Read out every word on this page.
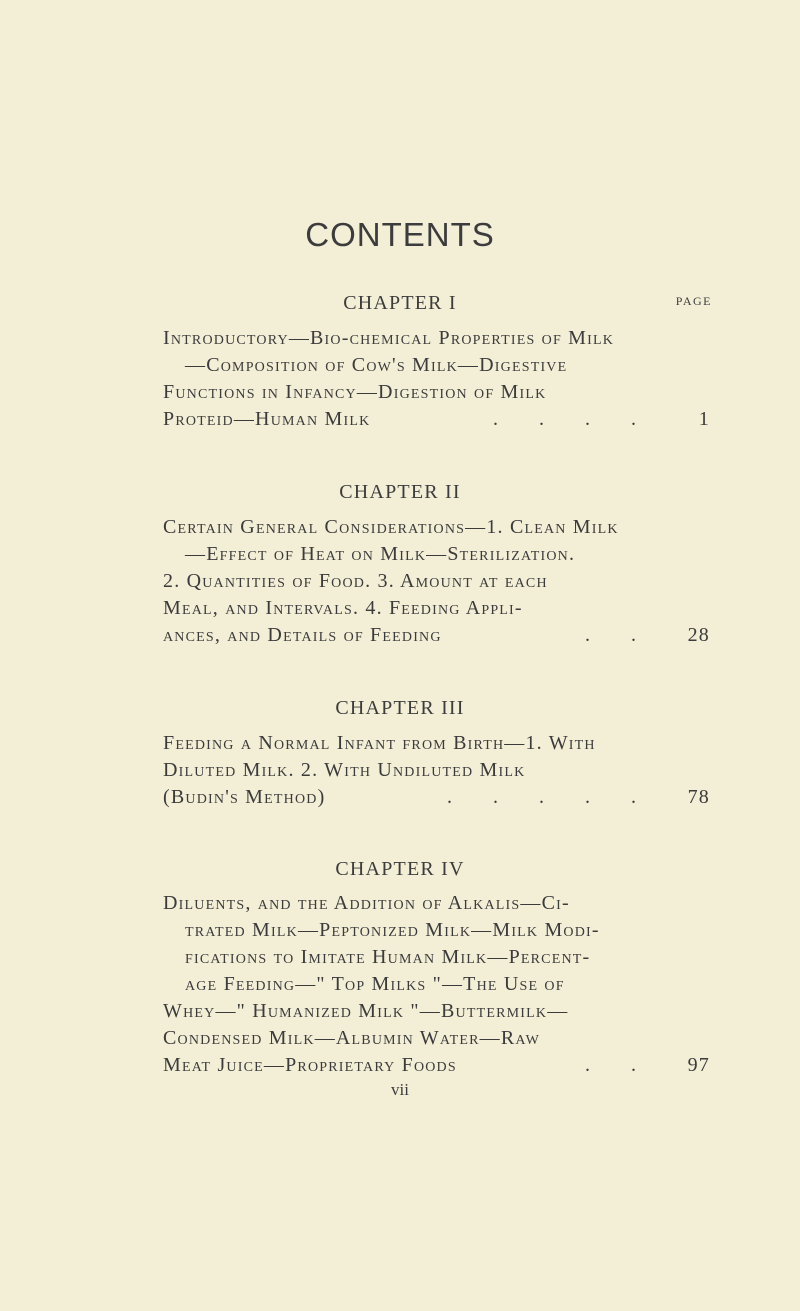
CONTENTS
PAGE
CHAPTER I
Introductory—Bio-chemical Properties of Milk
—Composition of Cow's Milk—Digestive
Functions in Infancy—Digestion of Milk
Proteid—Human Milk	. . . .	1
CHAPTER II
Certain General Considerations—1. Clean Milk
—Effect of Heat on Milk—Sterilization.
2. Quantities of Food. 3. Amount at each
Meal, and Intervals. 4. Feeding Appli-
ances, and Details of Feeding	. .	28
CHAPTER III
Feeding a Normal Infant from Birth—1. With
Diluted Milk. 2. With Undiluted Milk
(Budin's Method)	. . . . .	78
CHAPTER IV
Diluents, and the Addition of Alkalis—Ci-
trated Milk—Peptonized Milk—Milk Modi-
fications to Imitate Human Milk—Percent-
age Feeding—" Top Milks "—The Use of
Whey—" Humanized Milk "—Buttermilk—
Condensed Milk—Albumin Water—Raw
Meat Juice—Proprietary Foods	. .	97
vii
